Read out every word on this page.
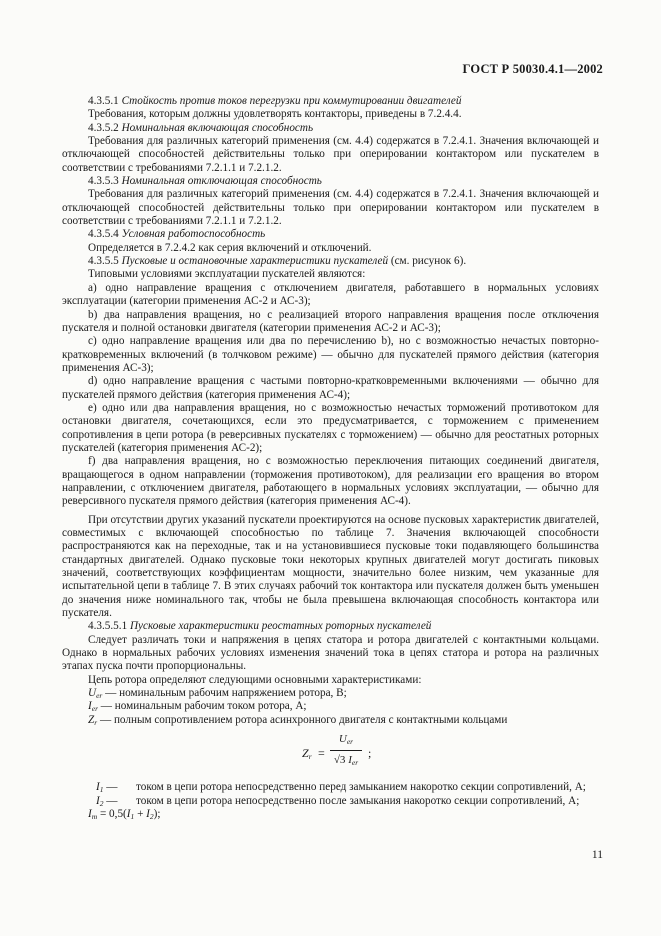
ГОСТ Р 50030.4.1—2002

4.3.5.1 Стойкость против токов перегрузки при коммутировании двигателей

Требования, которым должны удовлетворять контакторы, приведены в 7.2.4.4.

4.3.5.2 Номинальная включающая способность

Требования для различных категорий применения (см. 4.4) содержатся в 7.2.4.1. Значения включающей и отключающей способностей действительны только при оперировании контактором или пускателем в соответствии с требованиями 7.2.1.1 и 7.2.1.2.

4.3.5.3 Номинальная отключающая способность

Требования для различных категорий применения (см. 4.4) содержатся в 7.2.4.1. Значения включающей и отключающей способностей действительны только при оперировании контактором или пускателем в соответствии с требованиями 7.2.1.1 и 7.2.1.2.

4.3.5.4 Условная работоспособность

Определяется в 7.2.4.2 как серия включений и отключений.

4.3.5.5 Пусковые и остановочные характеристики пускателей (см. рисунок 6).

Типовыми условиями эксплуатации пускателей являются:

a) одно направление вращения с отключением двигателя, работавшего в нормальных условиях эксплуатации (категории применения АС-2 и АС-3);

b) два направления вращения, но с реализацией второго направления вращения после отключения пускателя и полной остановки двигателя (категории применения АС-2 и АС-3);

c) одно направление вращения или два по перечислению b), но с возможностью нечастых повторно-кратковременных включений (в толчковом режиме) — обычно для пускателей прямого действия (категория применения АС-3);

d) одно направление вращения с частыми повторно-кратковременными включениями — обычно для пускателей прямого действия (категория применения АС-4);

e) одно или два направления вращения, но с возможностью нечастых торможений противотоком для остановки двигателя, сочетающихся, если это предусматривается, с торможением с применением сопротивления в цепи ротора (в реверсивных пускателях с торможением) — обычно для реостатных роторных пускателей (категория применения АС-2);

f) два направления вращения, но с возможностью переключения питающих соединений двигателя, вращающегося в одном направлении (торможения противотоком), для реализации его вращения во втором направлении, с отключением двигателя, работающего в нормальных условиях эксплуатации, — обычно для реверсивного пускателя прямого действия (категория применения АС-4).

При отсутствии других указаний пускатели проектируются на основе пусковых характеристик двигателей, совместимых с включающей способностью по таблице 7. Значения включающей способности распространяются как на переходные, так и на установившиеся пусковые токи подавляющего большинства стандартных двигателей. Однако пусковые токи некоторых крупных двигателей могут достигать пиковых значений, соответствующих коэффициентам мощности, значительно более низким, чем указанные для испытательной цепи в таблице 7. В этих случаях рабочий ток контактора или пускателя должен быть уменьшен до значения ниже номинального так, чтобы не была превышена включающая способность контактора или пускателя.

4.3.5.5.1 Пусковые характеристики реостатных роторных пускателей

Следует различать токи и напряжения в цепях статора и ротора двигателей с контактными кольцами. Однако в нормальных рабочих условиях изменения значений тока в цепях статора и ротора на различных этапах пуска почти пропорциональны.

Цепь ротора определяют следующими основными характеристиками:

$U_{er}$ — номинальным рабочим напряжением ротора, В;

$I_{er}$ — номинальным рабочим током ротора, А;

$Z_r$ — полным сопротивлением ротора асинхронного двигателя с контактными кольцами

$Z_r$ =
$U_{er}$
√3 $I_{er}$
;
$I_1$ —	током в цепи ротора непосредственно перед замыканием накоротко секции сопротивлений, А;
$I_2$ —	током в цепи ротора непосредственно после замыкания накоротко секции сопротивлений, А;

$I_m = 0,5(I_1 + I_2)$;

11
